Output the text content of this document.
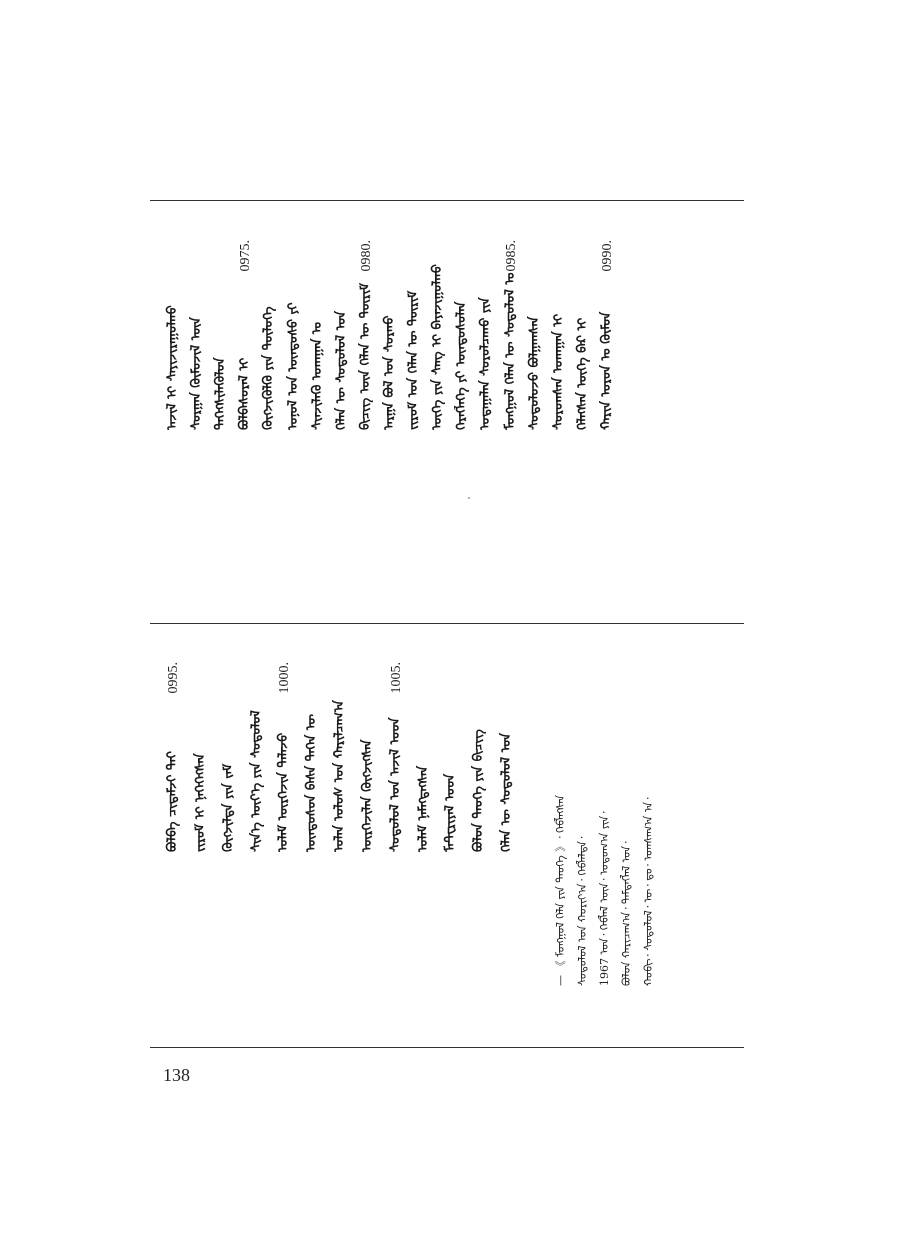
0990.
ᠬᠠᠷᠢᠨ ᠣᠷᠣᠨ ᠤ ᠬᠦᠮᠦᠨ
ᠬᠡᠯᠡᠭᠰᠡᠨ ᠦᠭᠡ ᠪᠠᠷ ᠢ
ᠰᠤᠷᠤᠭᠰᠠᠨ ᠤᠬᠠᠭᠠᠨ ᠢ
ᠰᠤᠳᠤᠯᠤᠵᠤ ᠪᠣᠯᠭᠠᠭᠰᠠᠨ
0985.
ᠮᠣᠩᠭᠣᠯ ᠬᠡᠯᠡᠨ ᠦ ᠰᠤᠳᠤᠯᠤᠯ ᠤ
ᠤᠳᠠᠭᠠᠯᠠᠨ ᠰᠤᠷᠤᠯᠴᠠᠬᠤ ᠶᠢᠨ
ᠬᠡᠷᠡᠭᠯᠡᠭᠡ ᠶᠢ ᠦᠨᠳᠦᠰᠦᠯᠡᠨ
ᠦᠭᠡ ᠶᠢᠨ ᠰᠠᠩ ᠢ ᠪᠠᠶᠠᠵᠢᠭᠤᠯᠬᠤ
ᠵᠢᠷᠤᠮ ᠤᠨ ᠬᠡᠯᠡᠨ ᠦ ᠳᠦᠷᠢᠮ
ᠠᠷᠭᠠ ᠪᠣᠯ ᠤᠨ ᠰᠤᠷᠬᠤ
0980.
ᠪᠢᠴᠢᠭ ᠦᠨ ᠬᠡᠯᠡᠨ ᠦ ᠳᠦᠷᠢᠮ
ᠬᠡᠯᠡᠨ ᠦ ᠰᠤᠳᠤᠯᠤᠯ ᠤᠨ
ᠰᠢᠨᠵᠢᠯᠡᠬᠦ ᠤᠬᠠᠭᠠᠨ ᠤ
ᠣᠨᠣᠯ ᠤᠨ ᠦᠨᠳᠦᠰᠦ ᠶᠢ
ᠬᠥᠭᠵᠢᠭᠦᠯᠬᠦ ᠶᠢᠨ ᠲᠥᠯᠥᠭᠡ
0975.
ᠪᠣᠯᠪᠠᠰᠤᠷᠠᠯ ᠢ
ᠳᠡᠭᠡᠭᠰᠢᠯᠡᠭᠦᠯᠦᠨ
ᠰᠤᠷᠭᠠᠨ ᠬᠥᠮᠦᠵᠢᠯ ᠦᠨ
ᠠᠵᠢᠯ ᠢ ᠰᠠᠶᠢᠵᠢᠷᠠᠭᠤᠯᠬᠤ
ᠬᠡᠯᠡᠨ ᠦ ᠰᠤᠳᠤᠯᠤᠯ ᠤᠨ
ᠪᠣᠯᠤᠨ ᠲᠡᠦᠬᠡ ᠶᠢᠨ ᠪᠢᠴᠢᠭ
ᠮᠠᠲ᠋ᠧᠷᠢᠶᠠᠯ ᠤᠳ
ᠤᠯᠠᠮ ᠨᠡᠮᠡᠭᠳᠡᠭᠰᠡᠨ
1005.
ᠰᠤᠳᠤᠯᠤᠯ ᠤᠨ ᠠᠵᠢᠯ ᠤᠳ
ᠦᠷᠭᠡᠵᠢᠯᠡᠨ ᠬᠥᠭᠵᠢᠭᠰᠡᠨ
ᠣᠯᠠᠨ ᠤᠯᠤᠰ ᠤᠨ ᠬᠠᠷᠢᠯᠴᠠᠭ᠎ᠠ
ᠦᠨᠳᠦᠰᠦᠨ ᠪᠠᠰᠠ ᠲᠡᠭᠡᠨ ᠦ
1000.
ᠤᠯᠠᠮ ᠥᠷᠭᠡᠵᠢᠨ ᠲᠡᠯᠡᠵᠦ
ᠰᠢᠨ᠎ᠡ ᠦᠶ᠎ᠡ ᠶᠢᠨ ᠰᠤᠳᠤᠯᠤᠯ
ᠬᠥᠭᠵᠢᠯᠲᠡ ᠶᠢᠨ ᠵᠠᠮ
ᠵᠢᠷᠤᠮ ᠢ ᠨᠡᠭᠡᠭᠡᠭᠰᠡᠨ
0995.
ᠪᠣᠯᠪᠠ ᠴᠢᠳᠠᠮᠵᠢ ᠲᠠᠢ	ᠬᠣᠪᠢ᠂ ᠰᠤᠳᠤᠯᠤᠯ᠂ ᠦ᠂ ᠳᠤ᠂ ᠤᠭᠰᠠᠭ᠎ᠠ ᠠ᠂
ᠪᠣᠯᠤᠨ ᠬᠠᠷᠢᠴᠠᠭ᠎ᠠ᠂ ᠲᠡᠮᠳᠡᠭᠯᠡᠯ ᠤᠨ᠂
1967 ᠣᠨ᠂ ᠬᠡᠪᠯᠡᠯ ᠦᠨ᠂ ᠣᠳᠣᠭ᠎ᠠ ᠶᠢᠨ᠂
ᠰᠤᠳᠤᠯᠤᠯ ᠤᠨ ᠬᠣᠷᠢᠶ᠎ᠠ᠂ ᠬᠡᠪᠯᠡᠯᠲᠡ᠂
— 《 ᠮᠣᠩᠭᠣᠯ ᠬᠡᠯᠡ ᠶᠢᠨ ᠲᠡᠦᠬᠡ 》᠂ ᠬᠡᠪᠯᠡᠭᠰᠡᠨ
138
